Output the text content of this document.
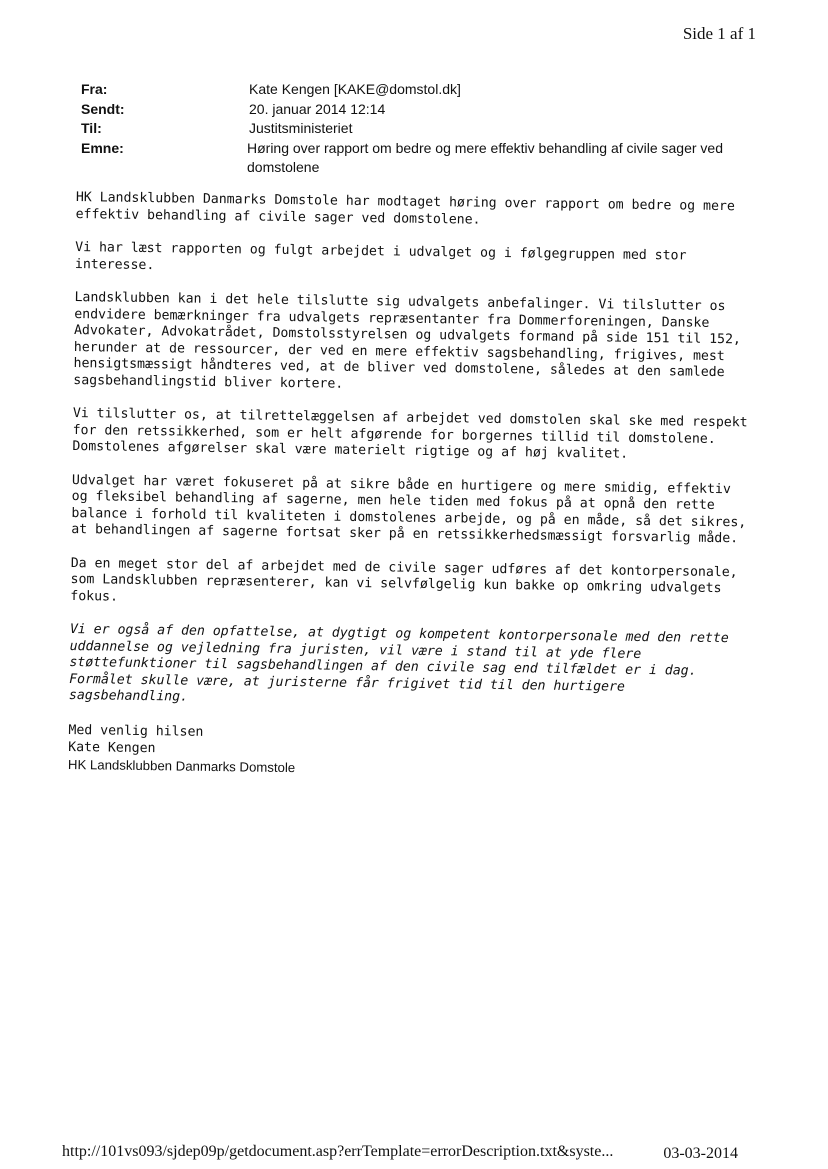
Side 1 af 1
Fra:	Kate Kengen [KAKE@domstol.dk]
Sendt:	20. januar 2014 12:14
Til:	Justitsministeriet
Emne:	Høring over rapport om bedre og mere effektiv behandling af civile sager ved domstolene

HK Landsklubben Danmarks Domstole har modtaget høring over rapport om bedre og mere effektiv behandling af civile sager ved domstolene.

Vi har læst rapporten og fulgt arbejdet i udvalget og i følgegruppen med stor interesse.

Landsklubben kan i det hele tilslutte sig udvalgets anbefalinger. Vi tilslutter os endvidere bemærkninger fra udvalgets repræsentanter fra Dommerforeningen, Danske Advokater, Advokatrådet, Domstolsstyrelsen og udvalgets formand på side 151 til 152, herunder at de ressourcer, der ved en mere effektiv sagsbehandling, frigives, mest hensigtsmæssigt håndteres ved, at de bliver ved domstolene, således at den samlede sagsbehandlingstid bliver kortere.

Vi tilslutter os, at tilrettelæggelsen af arbejdet ved domstolen skal ske med respekt for den retssikkerhed, som er helt afgørende for borgernes tillid til domstolene. Domstolenes afgørelser skal være materielt rigtige og af høj kvalitet.

Udvalget har været fokuseret på at sikre både en hurtigere og mere smidig, effektiv og fleksibel behandling af sagerne, men hele tiden med fokus på at opnå den rette balance i forhold til kvaliteten i domstolenes arbejde, og på en måde, så det sikres, at behandlingen af sagerne fortsat sker på en retssikkerhedsmæssigt forsvarlig måde.

Da en meget stor del af arbejdet med de civile sager udføres af det kontorpersonale, som Landsklubben repræsenterer, kan vi selvfølgelig kun bakke op omkring udvalgets fokus.

Vi er også af den opfattelse, at dygtigt og kompetent kontorpersonale med den rette uddannelse og vejledning fra juristen, vil være i stand til at yde flere støttefunktioner til sagsbehandlingen af den civile sag end tilfældet er i dag. Formålet skulle være, at juristerne får frigivet tid til den hurtigere sagsbehandling.

Med venlig hilsen
Kate Kengen
HK Landsklubben Danmarks Domstole
http://101vs093/sjdep09p/getdocument.asp?errTemplate=errorDescription.txt&syste...	03-03-2014
